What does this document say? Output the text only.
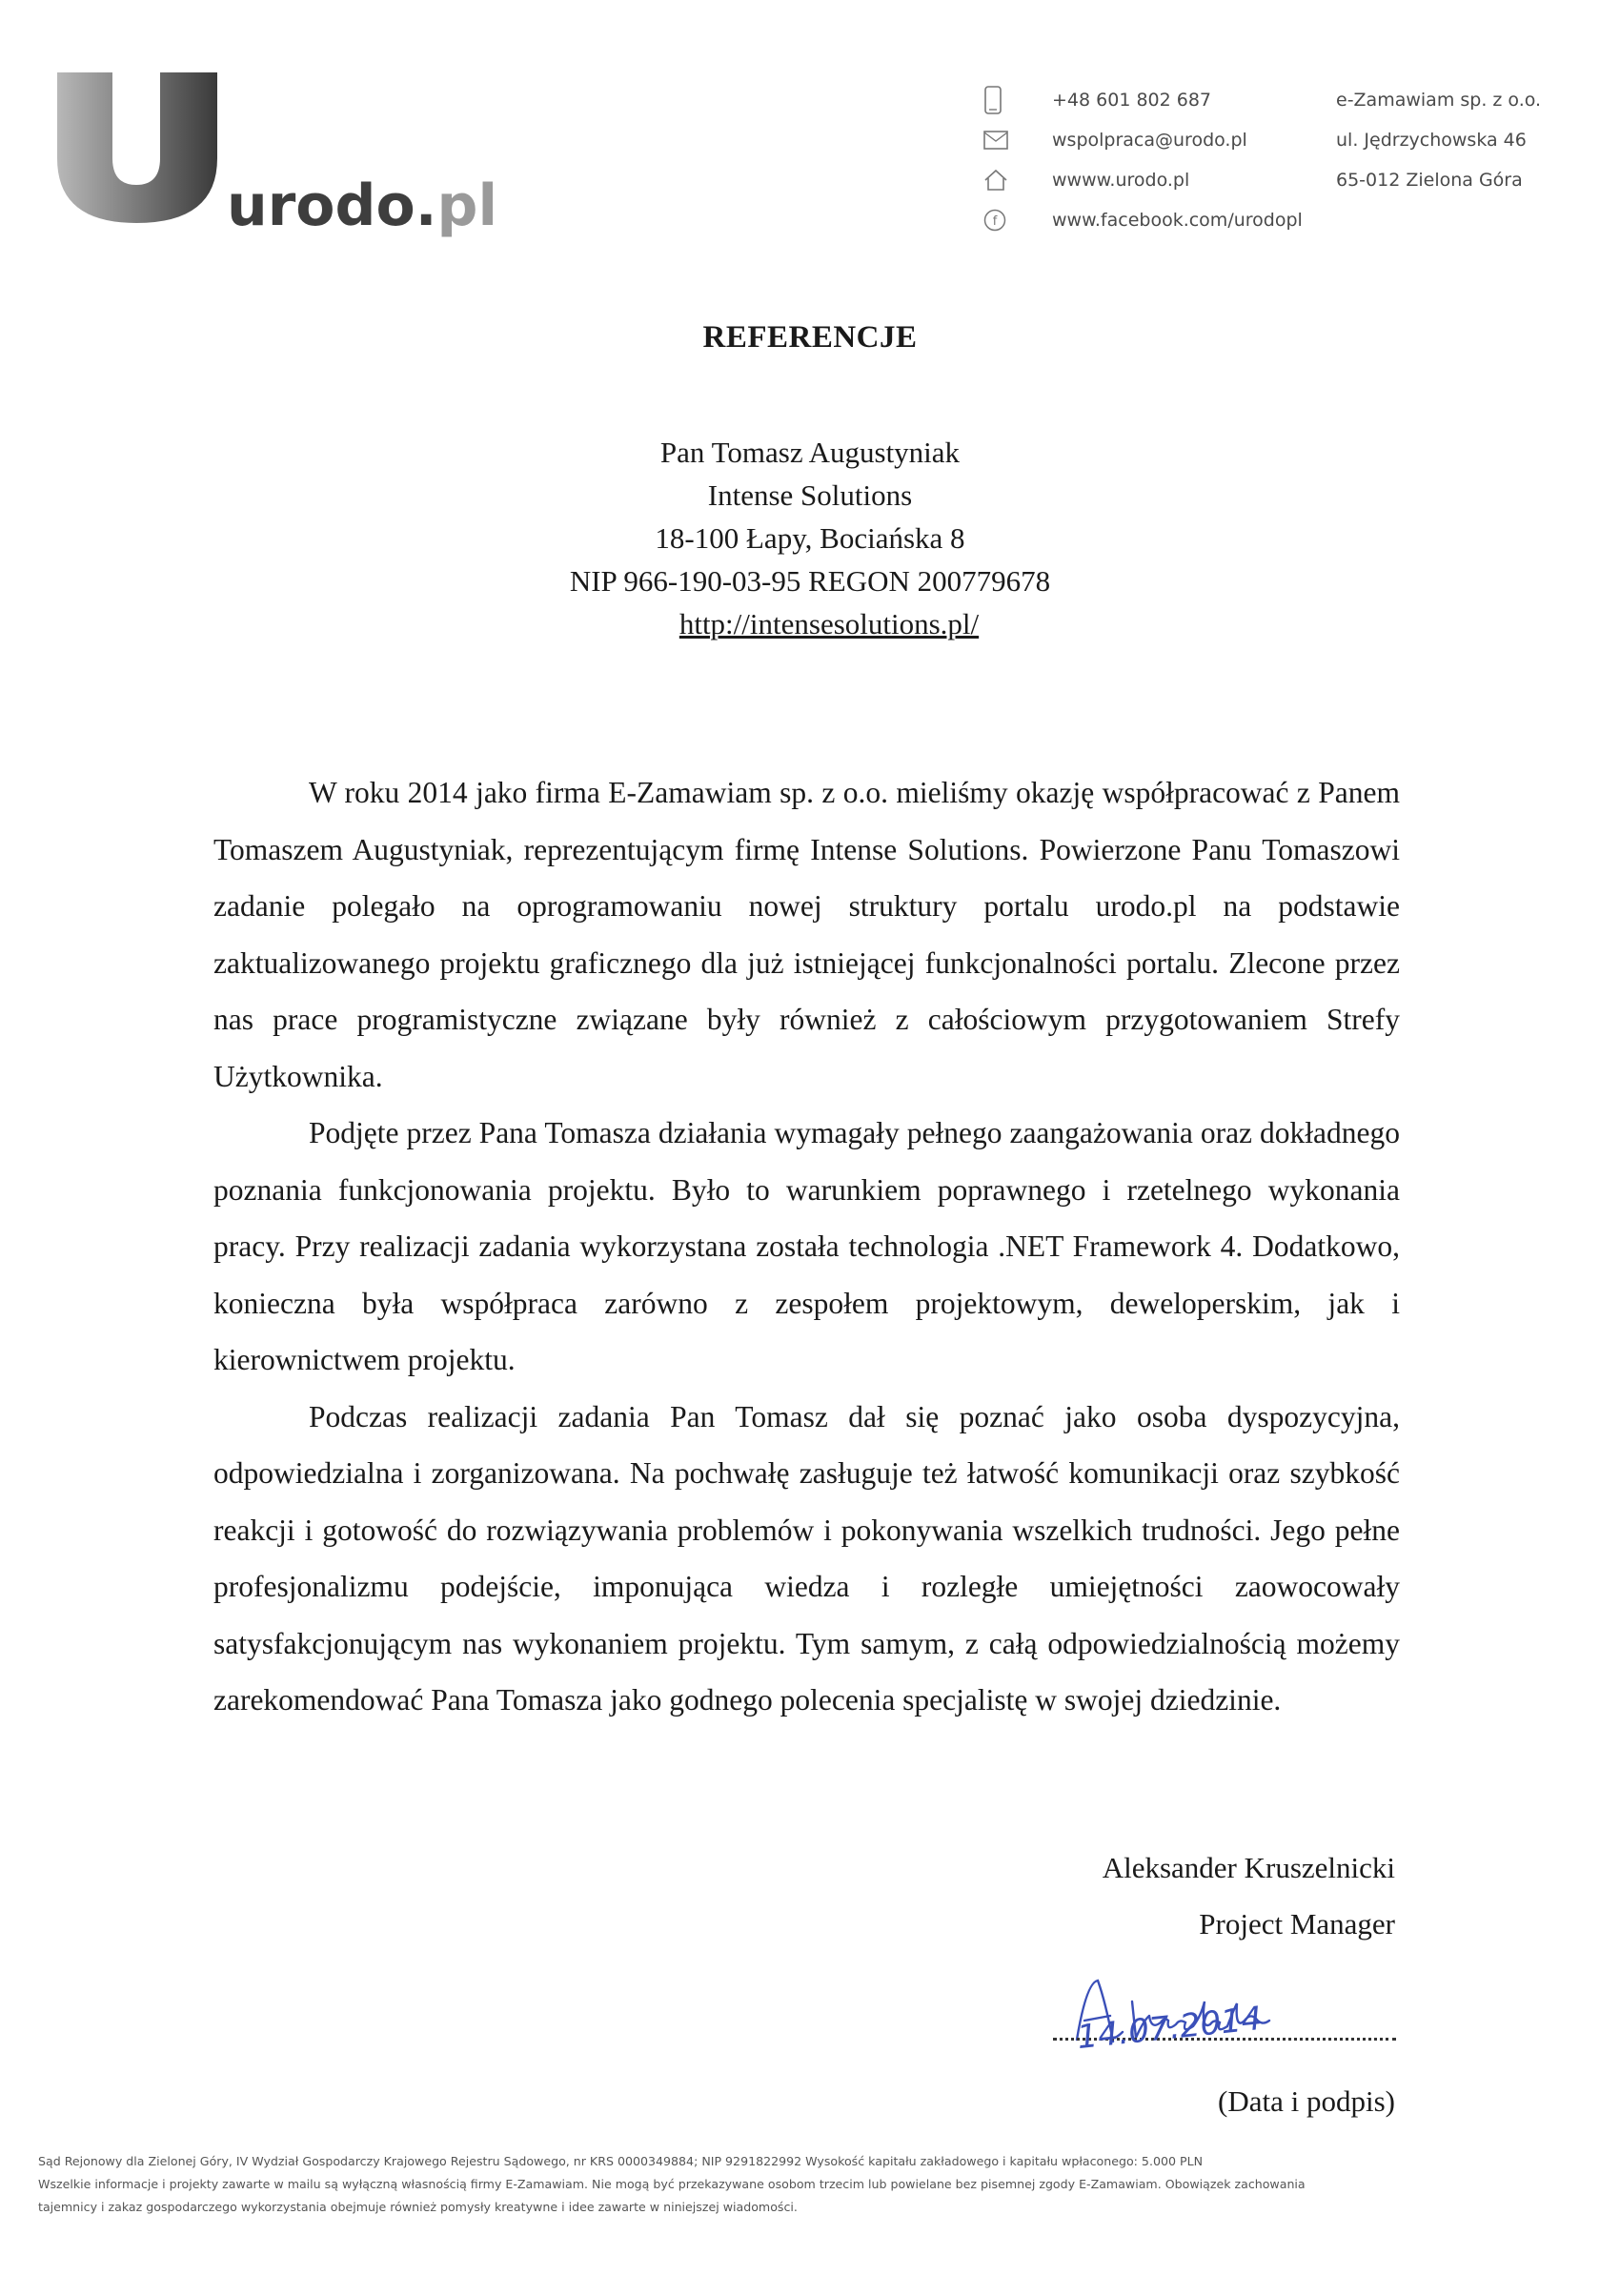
urodo.pl
+48 601 802 687
wspolpraca@urodo.pl
wwww.urodo.pl
f	www.facebook.com/urodopl
e-Zamawiam sp. z o.o.
ul. Jędrzychowska 46
65-012 Zielona Góra
REFERENCJE
Pan Tomasz Augustyniak
Intense Solutions
18-100 Łapy, Bociańska 8
NIP 966-190-03-95 REGON 200779678
http://intensesolutions.pl/

W roku 2014 jako firma E-Zamawiam sp. z o.o. mieliśmy okazję współpracować z Panem Tomaszem Augustyniak, reprezentującym firmę Intense Solutions. Powierzone Panu Tomaszowi zadanie polegało na oprogramowaniu nowej struktury portalu urodo.pl na podstawie zaktualizowanego projektu graficznego dla już istniejącej funkcjonalności portalu. Zlecone przez nas prace programistyczne związane były również z całościowym przygotowaniem Strefy Użytkownika.

Podjęte przez Pana Tomasza działania wymagały pełnego zaangażowania oraz dokładnego poznania funkcjonowania projektu. Było to warunkiem poprawnego i rzetelnego wykonania pracy. Przy realizacji zadania wykorzystana została technologia .NET Framework 4. Dodatkowo, konieczna była współpraca zarówno z zespołem projektowym, deweloperskim, jak i kierownictwem projektu.

Podczas realizacji zadania Pan Tomasz dał się poznać jako osoba dyspozycyjna, odpowiedzialna i zorganizowana. Na pochwałę zasługuje też łatwość komunikacji oraz szybkość reakcji i gotowość do rozwiązywania problemów i pokonywania wszelkich trudności. Jego pełne profesjonalizmu podejście, imponująca wiedza i rozległe umiejętności zaowocowały satysfakcjonującym nas wykonaniem projektu. Tym samym, z całą odpowiedzialnością możemy zarekomendować Pana Tomasza jako godnego polecenia specjalistę w swojej dziedzinie.

Aleksander Kruszelnicki
Project Manager
14.07.2014
(Data i podpis)
Sąd Rejonowy dla Zielonej Góry, IV Wydział Gospodarczy Krajowego Rejestru Sądowego, nr KRS 0000349884; NIP 9291822992 Wysokość kapitału zakładowego i kapitału wpłaconego: 5.000 PLN
Wszelkie informacje i projekty zawarte w mailu są wyłączną własnością firmy E-Zamawiam. Nie mogą być przekazywane osobom trzecim lub powielane bez pisemnej zgody E-Zamawiam. Obowiązek zachowania
tajemnicy i zakaz gospodarczego wykorzystania obejmuje również pomysły kreatywne i idee zawarte w niniejszej wiadomości.
